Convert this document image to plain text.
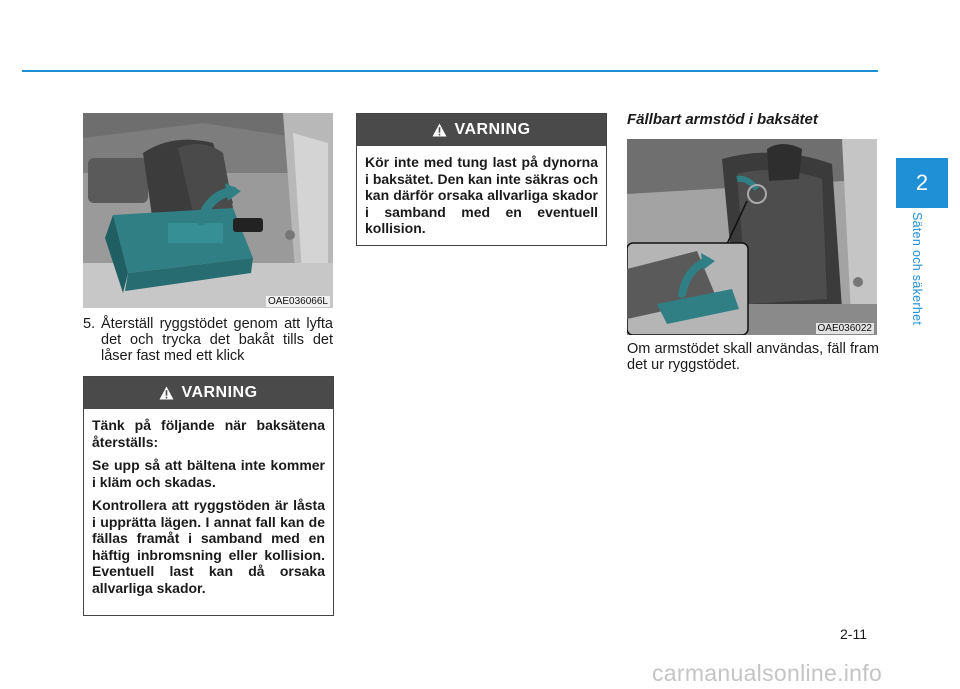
2
Säten och säkerhet
OAE036066L
5. Återställ ryggstödet genom att lyfta det och trycka det bakåt tills det låser fast med ett klick
VARNING

Tänk på följande när baksätena återställs:

Se upp så att bältena inte kommer i kläm och skadas.

Kontrollera att ryggstöden är låsta i upprätta lägen. I annat fall kan de fällas framåt i samband med en häftig inbromsning eller kollision. Eventuell last kan då orsaka allvarliga skador.

VARNING

Kör inte med tung last på dynorna i baksätet. Den kan inte säkras och kan därför orsaka allvarliga skador i samband med en eventuell kollision.

Fällbart armstöd i baksätet
OAE036022
Om armstödet skall användas, fäll fram det ur ryggstödet.
2-11
carmanualsonline.info
